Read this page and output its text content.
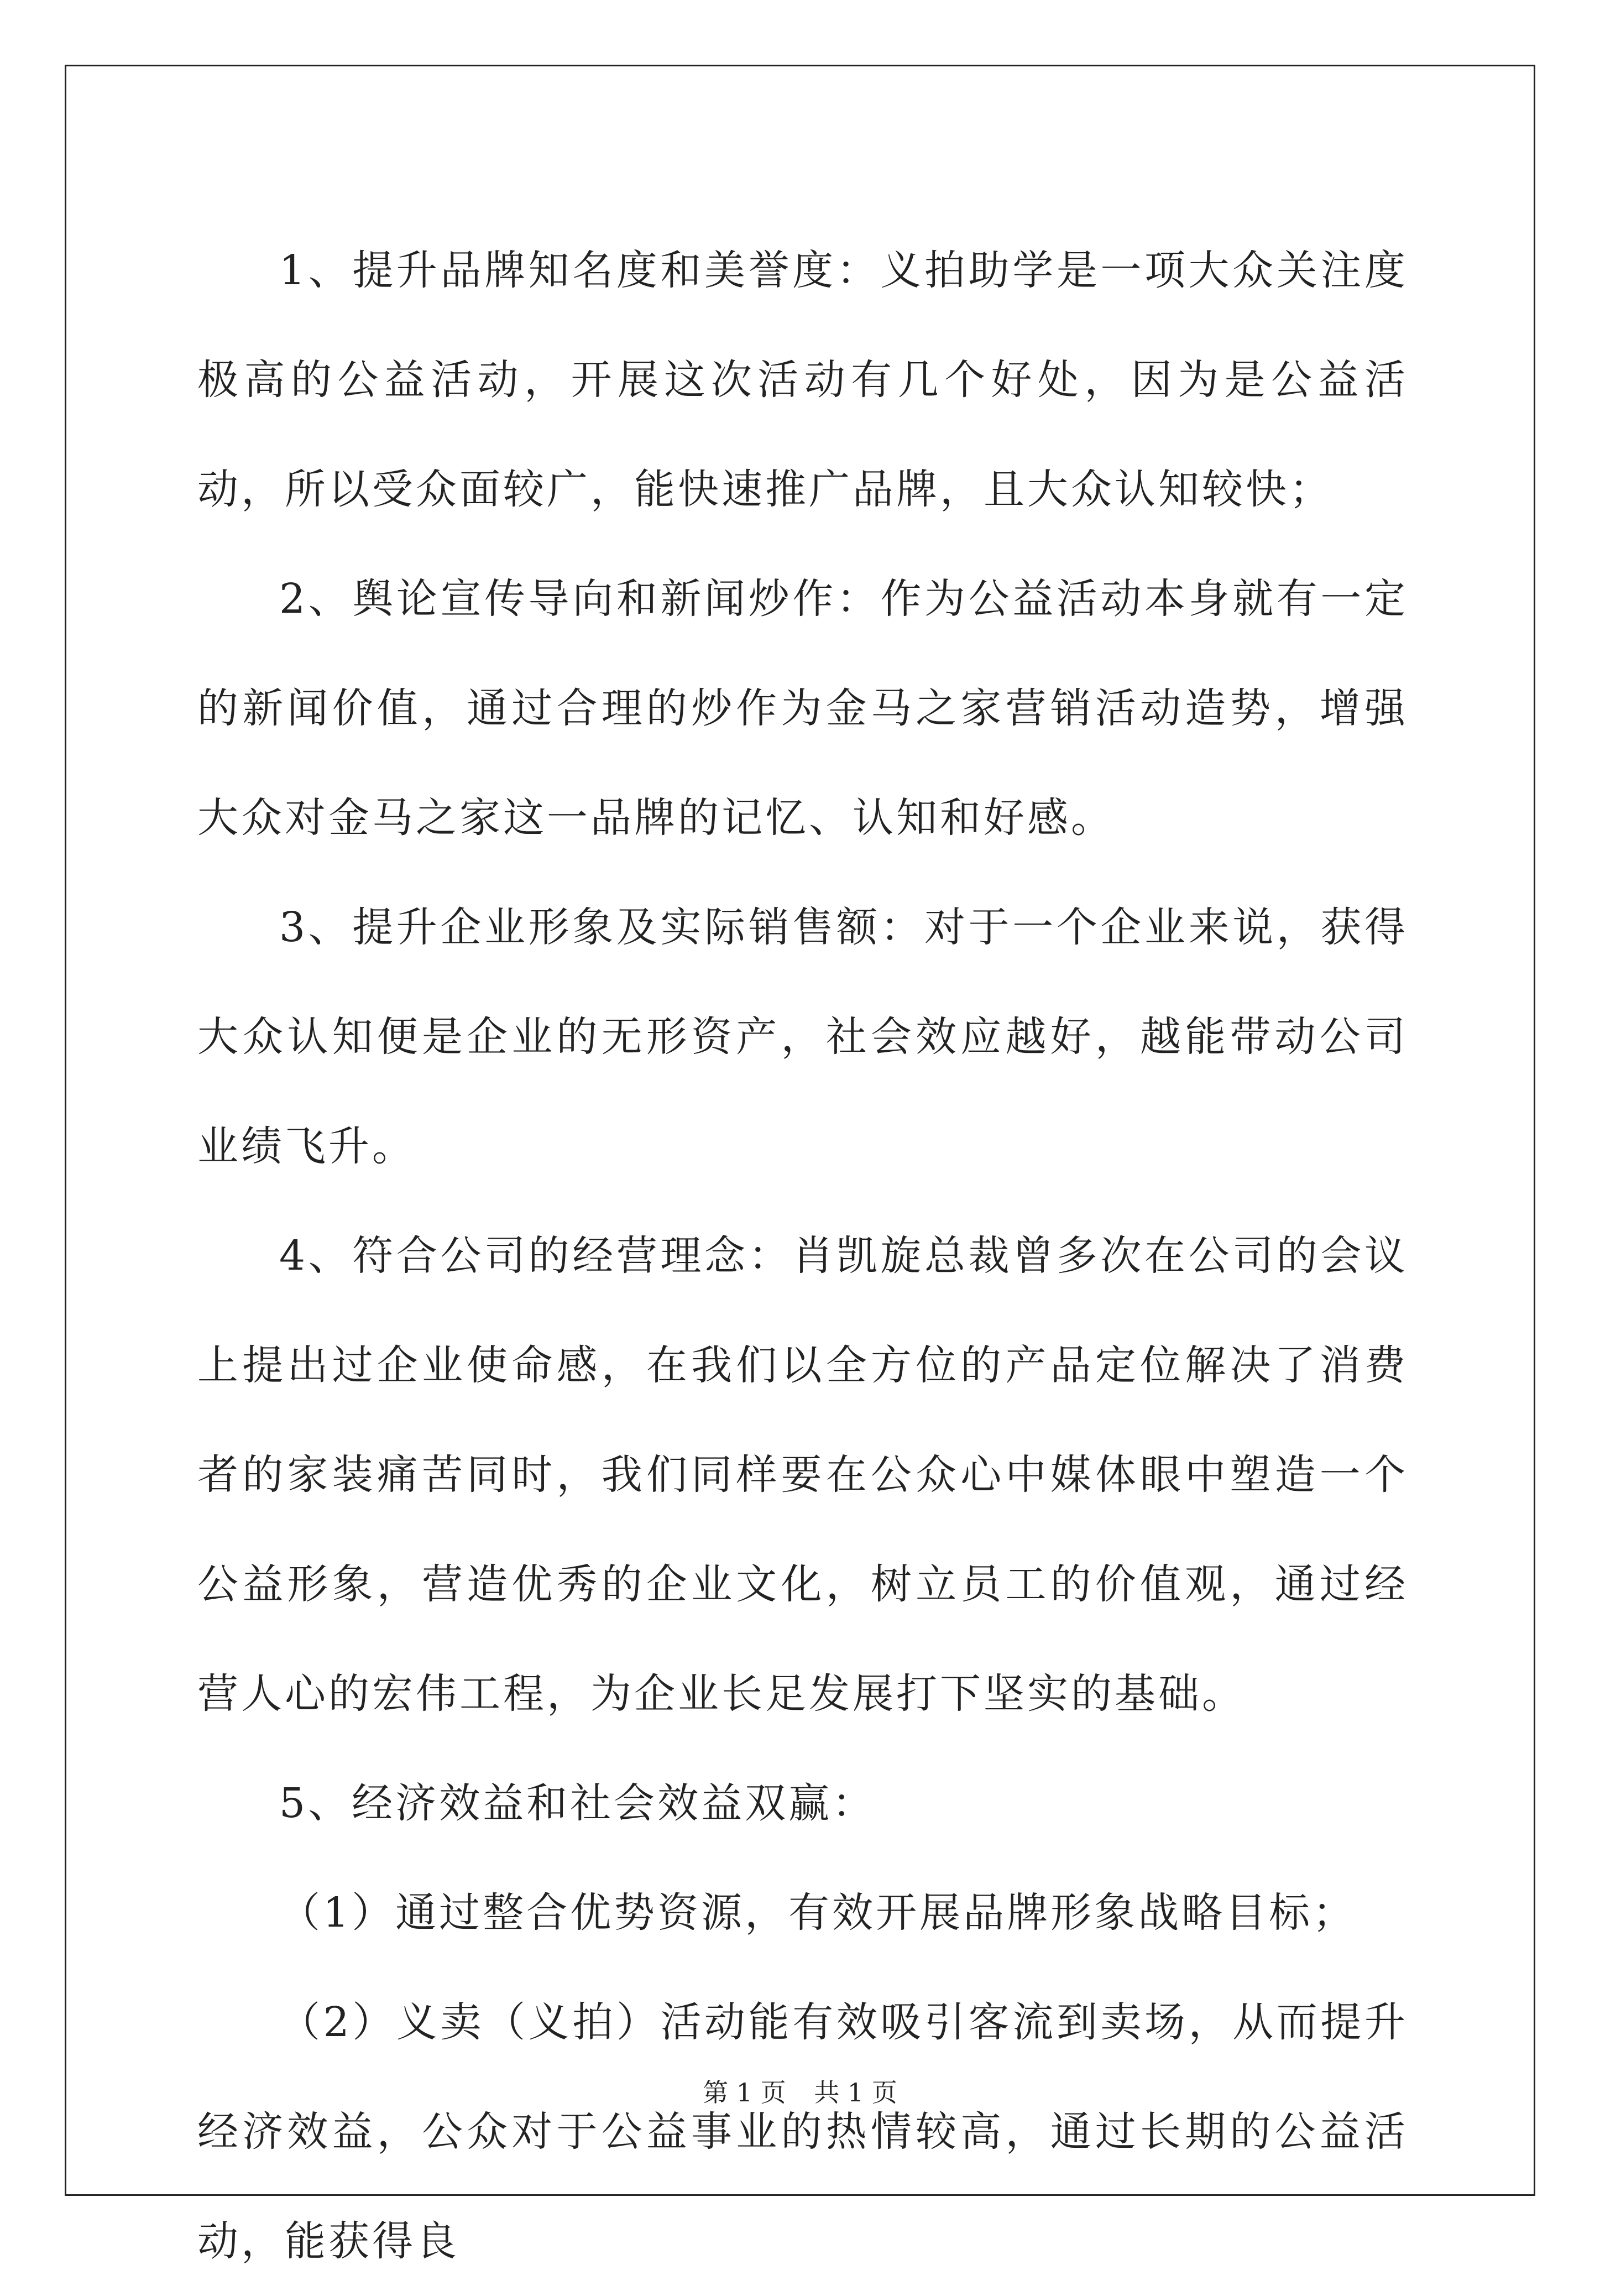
1、提升品牌知名度和美誉度：义拍助学是一项大众关注度极高的公益活动，开展这次活动有几个好处，因为是公益活动，所以受众面较广，能快速推广品牌，且大众认知较快；

2、舆论宣传导向和新闻炒作：作为公益活动本身就有一定的新闻价值，通过合理的炒作为金马之家营销活动造势，增强大众对金马之家这一品牌的记忆、认知和好感。

3、提升企业形象及实际销售额：对于一个企业来说，获得大众认知便是企业的无形资产，社会效应越好，越能带动公司业绩飞升。

4、符合公司的经营理念：肖凯旋总裁曾多次在公司的会议上提出过企业使命感，在我们以全方位的产品定位解决了消费者的家装痛苦同时，我们同样要在公众心中媒体眼中塑造一个公益形象，营造优秀的企业文化，树立员工的价值观，通过经营人心的宏伟工程，为企业长足发展打下坚实的基础。

5、经济效益和社会效益双赢：

（1）通过整合优势资源，有效开展品牌形象战略目标；

（2）义卖（义拍）活动能有效吸引客流到卖场，从而提升经济效益，公众对于公益事业的热情较高，通过长期的公益活动，能获得良

第 1 页 共 1 页
